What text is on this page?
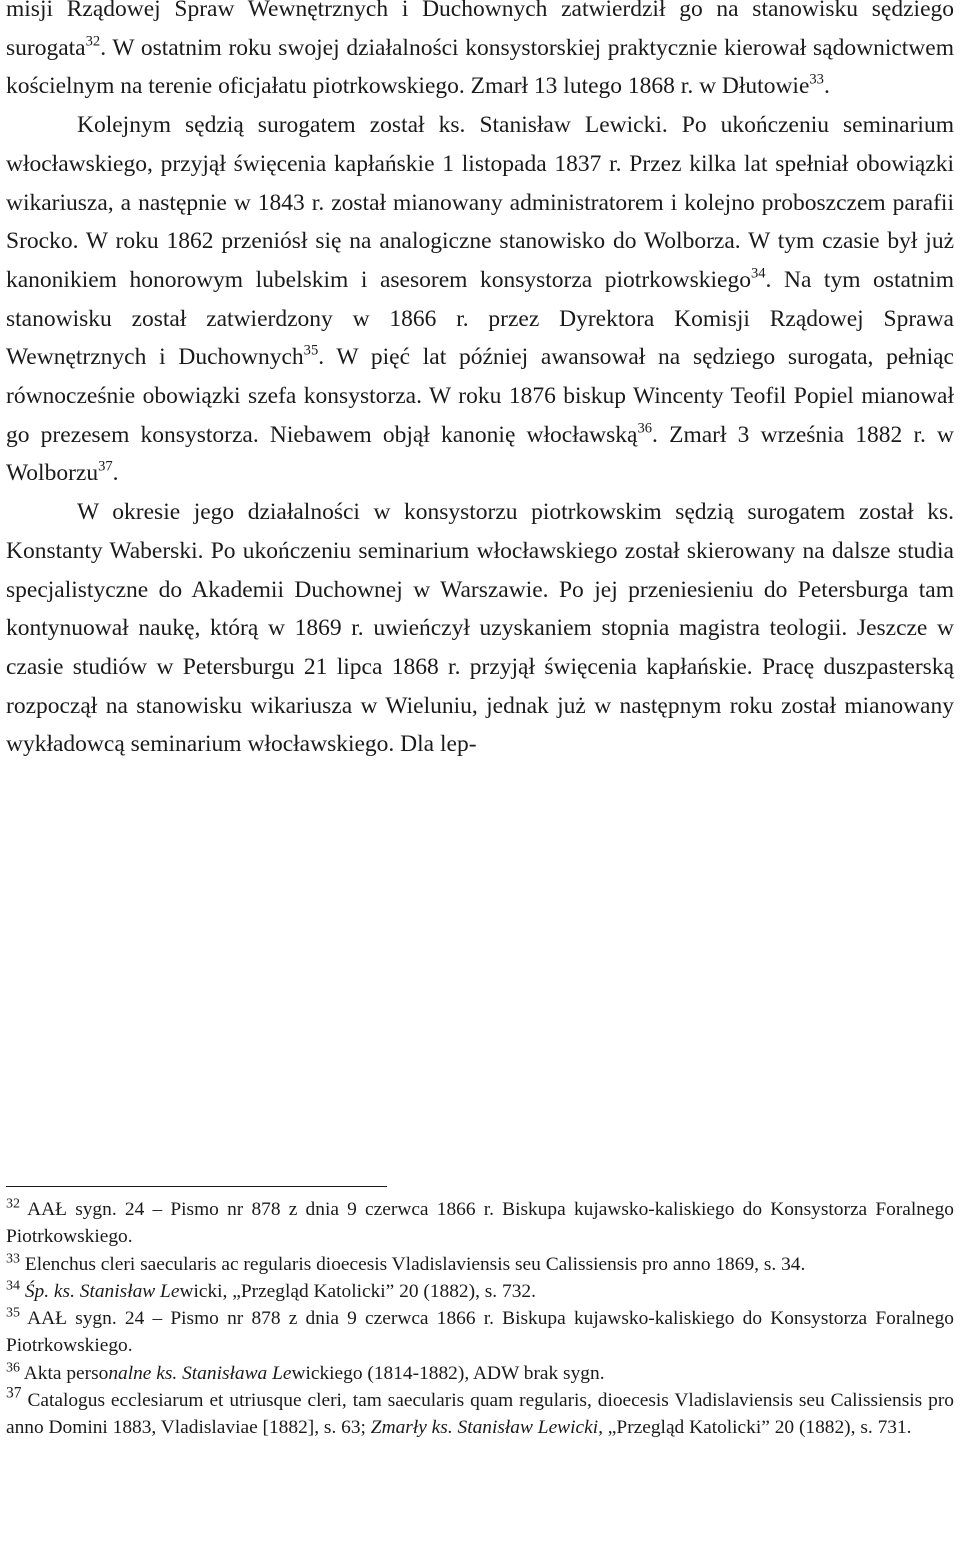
misji Rządowej Spraw Wewnętrznych i Duchownych zatwierdził go na stanowisku sędziego surogata$^{32}$. W ostatnim roku swojej działalności konsystorskiej praktycznie kierował sądownictwem kościelnym na terenie oficjałatu piotrkowskiego. Zmarł 13 lutego 1868 r. w Dłutowie$^{33}$.

Kolejnym sędzią surogatem został ks. Stanisław Lewicki. Po ukończeniu seminarium włocławskiego, przyjął święcenia kapłańskie 1 listopada 1837 r. Przez kilka lat spełniał obowiązki wikariusza, a następnie w 1843 r. został mianowany administratorem i kolejno proboszczem parafii Srocko. W roku 1862 przeniósł się na analogiczne stanowisko do Wolborza. W tym czasie był już kanonikiem honorowym lubelskim i asesorem konsystorza piotrkowskiego$^{34}$. Na tym ostatnim stanowisku został zatwierdzony w 1866 r. przez Dyrektora Komisji Rządowej Sprawa Wewnętrznych i Duchownych$^{35}$. W pięć lat później awansował na sędziego surogata, pełniąc równocześnie obowiązki szefa konsystorza. W roku 1876 biskup Wincenty Teofil Popiel mianował go prezesem konsystorza. Niebawem objął kanonię włocławską$^{36}$. Zmarł 3 września 1882 r. w Wolborzu$^{37}$.

W okresie jego działalności w konsystorzu piotrkowskim sędzią surogatem został ks. Konstanty Waberski. Po ukończeniu seminarium włocławskiego został skierowany na dalsze studia specjalistyczne do Akademii Duchownej w Warszawie. Po jej przeniesieniu do Petersburga tam kontynuował naukę, którą w 1869 r. uwieńczył uzyskaniem stopnia magistra teologii. Jeszcze w czasie studiów w Petersburgu 21 lipca 1868 r. przyjął święcenia kapłańskie. Pracę duszpasterską rozpoczął na stanowisku wikariusza w Wieluniu, jednak już w następnym roku został mianowany wykładowcą seminarium włocławskiego. Dla lep-

$^{32}$ AAŁ sygn. 24 – Pismo nr 878 z dnia 9 czerwca 1866 r. Biskupa kujawsko-kaliskiego do Konsystorza Foralnego Piotrkowskiego.

$^{33}$ Elenchus cleri saecularis ac regularis dioecesis Vladislaviensis seu Calissiensis pro anno 1869, s. 34.

$^{34}$ Śp. ks. Stanisław Lewicki, „Przegląd Katolicki” 20 (1882), s. 732.

$^{35}$ AAŁ sygn. 24 – Pismo nr 878 z dnia 9 czerwca 1866 r. Biskupa kujawsko-kaliskiego do Konsystorza Foralnego Piotrkowskiego.

$^{36}$ Akta personalne ks. Stanisława Lewickiego (1814-1882), ADW brak sygn.

$^{37}$ Catalogus ecclesiarum et utriusque cleri, tam saecularis quam regularis, dioecesis Vladislaviensis seu Calissiensis pro anno Domini 1883, Vladislaviae [1882], s. 63; Zmarły ks. Stanisław Lewicki, „Przegląd Katolicki” 20 (1882), s. 731.
